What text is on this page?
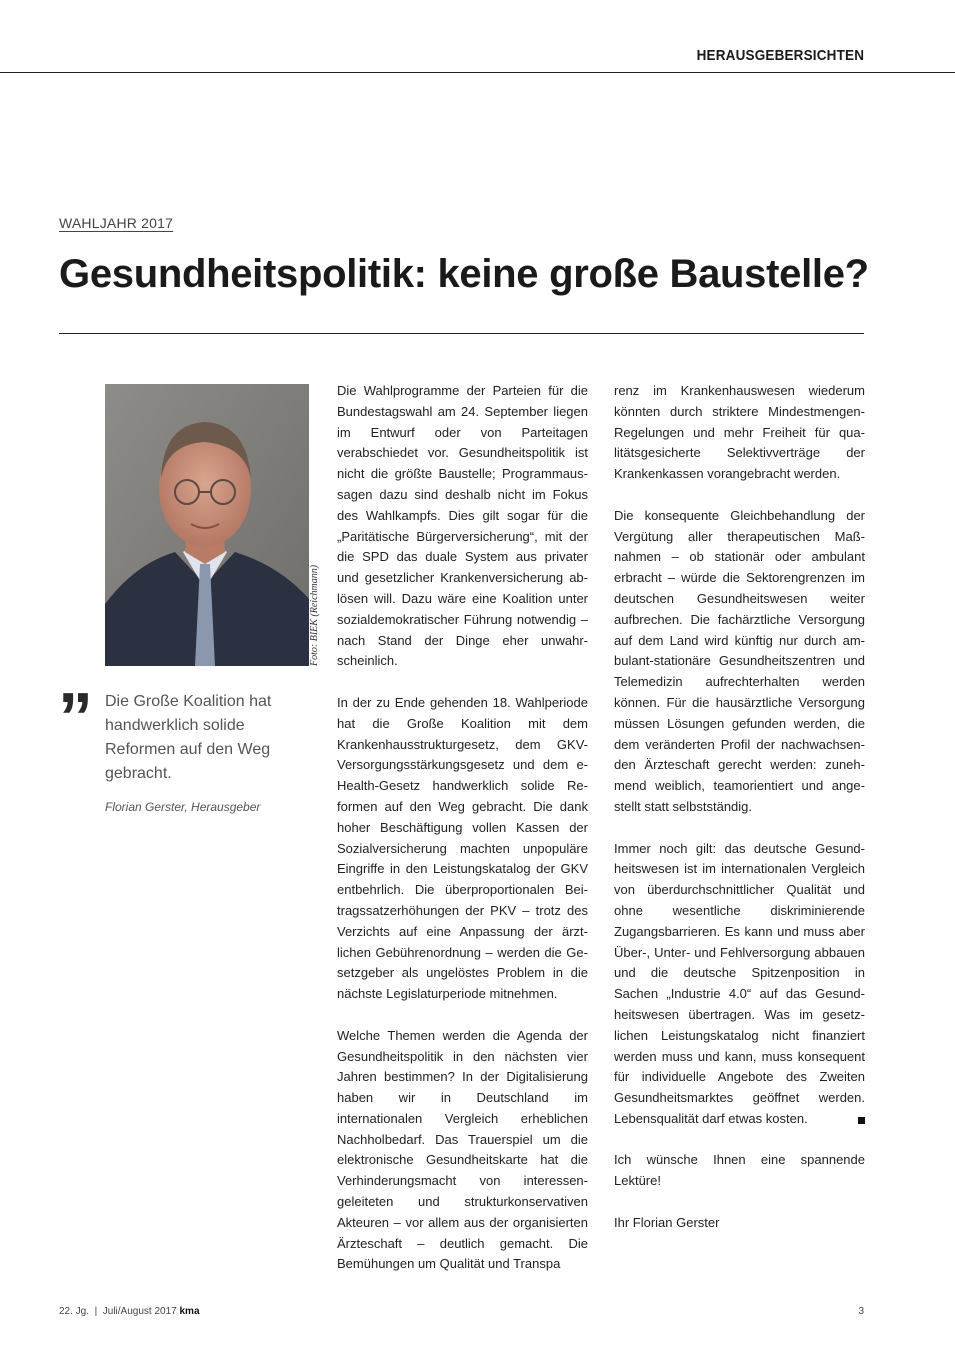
HERAUSGEBERSICHTEN
WAHLJAHR 2017
Gesundheitspolitik: keine große Baustelle?
Foto: BIEK (Reichmann)
” Die Große Koalition hat handwerklich solide Reformen auf den Weg gebracht.
Florian Gerster, Herausgeber

Die Wahlprogramme der Parteien für die Bundestagswahl am 24. September liegen im Entwurf oder von Parteitagen verabschiedet vor. Gesundheitspolitik ist nicht die größte Baustelle; Programmaussagen dazu sind deshalb nicht im Fokus des Wahlkampfs. Dies gilt sogar für die „Paritätische Bürgerversicherung“, mit der die SPD das duale System aus privater und gesetzlicher Krankenversicherung ablösen will. Dazu wäre eine Koalition unter sozialdemokratischer Führung notwendig – nach Stand der Dinge eher unwahrscheinlich.

In der zu Ende gehenden 18. Wahlperiode hat die Große Koalition mit dem Krankenhausstrukturgesetz, dem GKV-Versorgungsstärkungsgesetz und dem e-Health-Gesetz handwerklich solide Reformen auf den Weg gebracht. Die dank hoher Beschäftigung vollen Kassen der Sozialversicherung machten unpopuläre Eingriffe in den Leistungskatalog der GKV entbehrlich. Die überproportionalen Beitragssatzerhöhungen der PKV – trotz des Verzichts auf eine Anpassung der ärztlichen Gebührenordnung – werden die Gesetzgeber als ungelöstes Problem in die nächste Legislaturperiode mitnehmen.

Welche Themen werden die Agenda der Gesundheitspolitik in den nächsten vier Jahren bestimmen? In der Digitalisierung haben wir in Deutschland im internationalen Vergleich erheblichen Nachholbedarf. Das Trauerspiel um die elektronische Gesundheitskarte hat die Verhinderungsmacht von interessengeleiteten und strukturkonservativen Akteuren – vor allem aus der organisierten Ärzteschaft – deutlich gemacht. Die Bemühungen um Qualität und Transpa

renz im Krankenhauswesen wiederum könnten durch striktere Mindestmengen-Regelungen und mehr Freiheit für qualitätsgesicherte Selektivverträge der Krankenkassen vorangebracht werden.

Die konsequente Gleichbehandlung der Vergütung aller therapeutischen Maßnahmen – ob stationär oder ambulant erbracht – würde die Sektorengrenzen im deutschen Gesundheitswesen weiter aufbrechen. Die fachärztliche Versorgung auf dem Land wird künftig nur durch ambulant-stationäre Gesundheitszentren und Telemedizin aufrechterhalten werden können. Für die hausärztliche Versorgung müssen Lösungen gefunden werden, die dem veränderten Profil der nachwachsenden Ärzteschaft gerecht werden: zunehmend weiblich, teamorientiert und angestellt statt selbstständig.

Immer noch gilt: das deutsche Gesundheitswesen ist im internationalen Vergleich von überdurchschnittlicher Qualität und ohne wesentliche diskriminierende Zugangsbarrieren. Es kann und muss aber Über-, Unter- und Fehlversorgung abbauen und die deutsche Spitzenposition in Sachen „Industrie 4.0“ auf das Gesundheitswesen übertragen. Was im gesetzlichen Leistungskatalog nicht finanziert werden muss und kann, muss konsequent für individuelle Angebote des Zweiten Gesundheitsmarktes geöffnet werden. Lebensqualität darf etwas kosten.

Ich wünsche Ihnen eine spannende Lektüre!

Ihr Florian Gerster

22. Jg. | Juli/August 2017 kma	3
